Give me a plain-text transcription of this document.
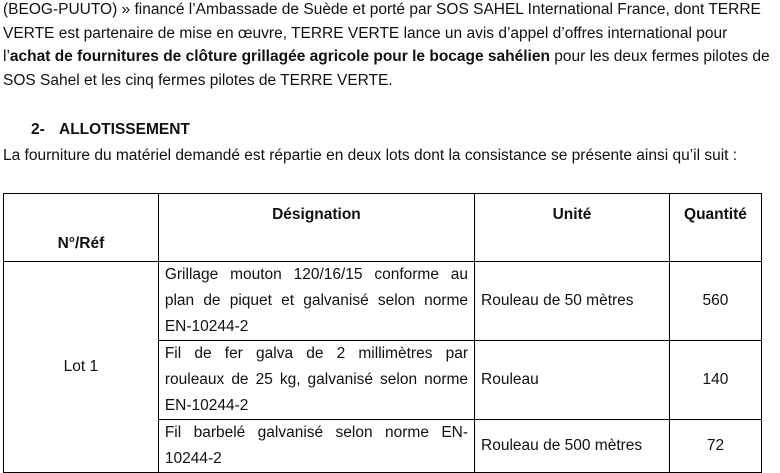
(BEOG-PUUTO) » financé l’Ambassade de Suède et porté par SOS SAHEL International France, dont TERRE
VERTE est partenaire de mise en œuvre, TERRE VERTE lance un avis d’appel d’offres international pour
l’achat de fournitures de clôture grillagée agricole pour le bocage sahélien pour les deux fermes pilotes de
SOS Sahel et les cinq fermes pilotes de TERRE VERTE.
2- ALLOTISSEMENT
La fourniture du matériel demandé est répartie en deux lots dont la consistance se présente ainsi qu’il suit :
N°/Réf	Désignation	Unité	Quantité
Lot 1	Grillage mouton 120/16/15 conforme au plan de piquet et galvanisé selon norme EN-10244-2	Rouleau de 50 mètres	560
	Fil de fer galva de 2 millimètres par rouleaux de 25 kg, galvanisé selon norme EN-10244-2	Rouleau	140
	Fil barbelé galvanisé selon norme EN-10244-2	Rouleau de 500 mètres	72
